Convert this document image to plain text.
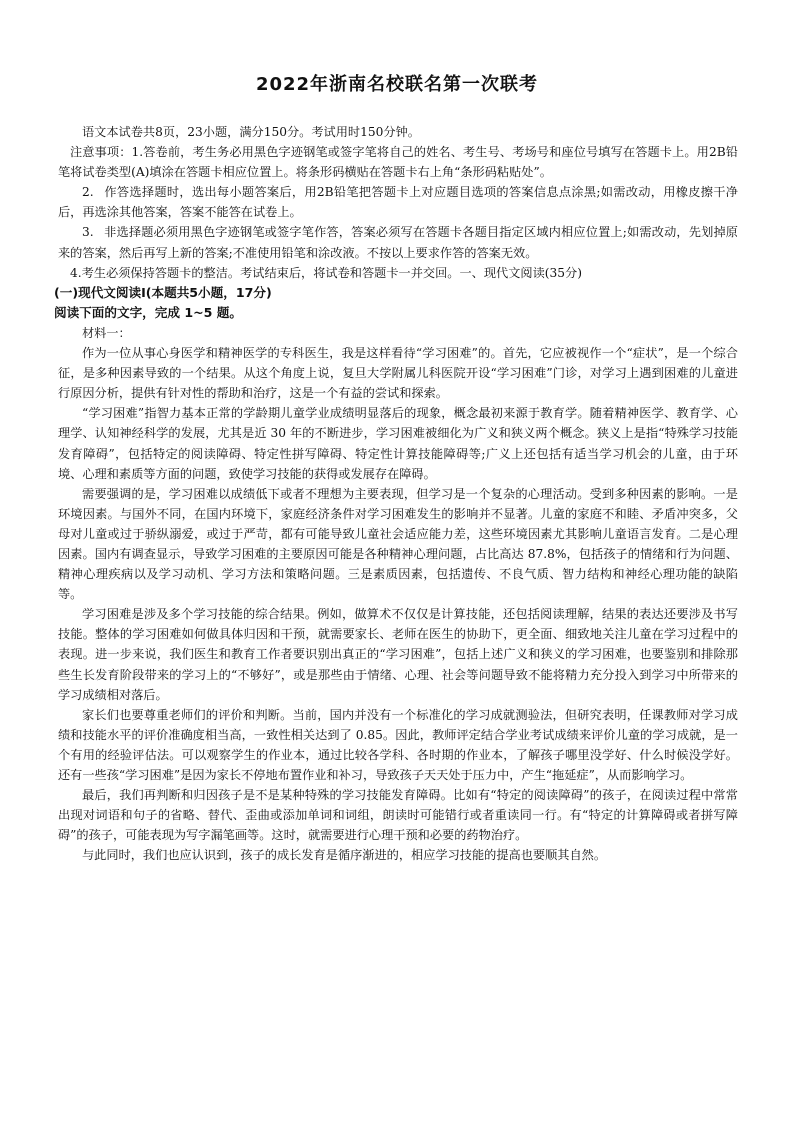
2022年浙南名校联名第一次联考

语文本试卷共8页，23小题，满分150分。考试用时150分钟。

注意事项：1.答卷前，考生务必用黑色字迹钢笔或签字笔将自己的姓名、考生号、考场号和座位号填写在答题卡上。用2B铅笔将试卷类型(A)填涂在答题卡相应位置上。将条形码横贴在答题卡右上角“条形码粘贴处”。

2. 作答选择题时，选出每小题答案后，用2B铅笔把答题卡上对应题目选项的答案信息点涂黑;如需改动，用橡皮擦干净后，再选涂其他答案，答案不能答在试卷上。

3. 非选择题必须用黑色字迹钢笔或签字笔作答，答案必须写在答题卡各题目指定区域内相应位置上;如需改动，先划掉原来的答案，然后再写上新的答案;不准使用铅笔和涂改液。不按以上要求作答的答案无效。

4.考生必须保持答题卡的整洁。考试结束后，将试卷和答题卡一并交回。一、现代文阅读(35分)

(一)现代文阅读Ⅰ(本题共5小题，17分)

阅读下面的文字，完成 1~5 题。

材料一：

作为一位从事心身医学和精神医学的专科医生，我是这样看待“学习困难”的。首先，它应被视作一个“症状”，是一个综合征，是多种因素导致的一个结果。从这个角度上说，复旦大学附属儿科医院开设“学习困难”门诊，对学习上遇到困难的儿童进行原因分析，提供有针对性的帮助和治疗，这是一个有益的尝试和探索。

“学习困难”指智力基本正常的学龄期儿童学业成绩明显落后的现象，概念最初来源于教育学。随着精神医学、教育学、心理学、认知神经科学的发展，尤其是近 30 年的不断进步，学习困难被细化为广义和狭义两个概念。狭义上是指“特殊学习技能发育障碍”，包括特定的阅读障碍、特定性拼写障碍、特定性计算技能障碍等;广义上还包括有适当学习机会的儿童，由于环境、心理和素质等方面的问题，致使学习技能的获得或发展存在障碍。

需要强调的是，学习困难以成绩低下或者不理想为主要表现，但学习是一个复杂的心理活动。受到多种因素的影响。一是环境因素。与国外不同，在国内环境下，家庭经济条件对学习困难发生的影响并不显著。儿童的家庭不和睦、矛盾冲突多，父母对儿童或过于骄纵溺爱，或过于严苛，都有可能导致儿童社会适应能力差，这些环境因素尤其影响儿童语言发育。二是心理因素。国内有调查显示，导致学习困难的主要原因可能是各种精神心理问题，占比高达 87.8%，包括孩子的情绪和行为问题、精神心理疾病以及学习动机、学习方法和策略问题。三是素质因素，包括遗传、不良气质、智力结构和神经心理功能的缺陷等。

学习困难是涉及多个学习技能的综合结果。例如，做算术不仅仅是计算技能，还包括阅读理解，结果的表达还要涉及书写技能。整体的学习困难如何做具体归因和干预，就需要家长、老师在医生的协助下，更全面、细致地关注儿童在学习过程中的表现。进一步来说，我们医生和教育工作者要识别出真正的“学习困难”，包括上述广义和狭义的学习困难，也要鉴别和排除那些生长发育阶段带来的学习上的“不够好”，或是那些由于情绪、心理、社会等问题导致不能将精力充分投入到学习中所带来的学习成绩相对落后。

家长们也要尊重老师们的评价和判断。当前，国内并没有一个标准化的学习成就测验法，但研究表明，任课教师对学习成绩和技能水平的评价准确度相当高，一致性相关达到了 0.85。因此，教师评定结合学业考试成绩来评价儿童的学习成就，是一个有用的经验评估法。可以观察学生的作业本，通过比较各学科、各时期的作业本，了解孩子哪里没学好、什么时候没学好。还有一些孩“学习困难”是因为家长不停地布置作业和补习，导致孩子天天处于压力中，产生“拖延症”，从而影响学习。

最后，我们再判断和归因孩子是不是某种特殊的学习技能发育障碍。比如有“特定的阅读障碍”的孩子，在阅读过程中常常出现对词语和句子的省略、替代、歪曲或添加单词和词组，朗读时可能错行或者重读同一行。有“特定的计算障碍或者拼写障碍”的孩子，可能表现为写字漏笔画等。这时，就需要进行心理干预和必要的药物治疗。

与此同时，我们也应认识到，孩子的成长发育是循序渐进的，相应学习技能的提高也要顺其自然。
